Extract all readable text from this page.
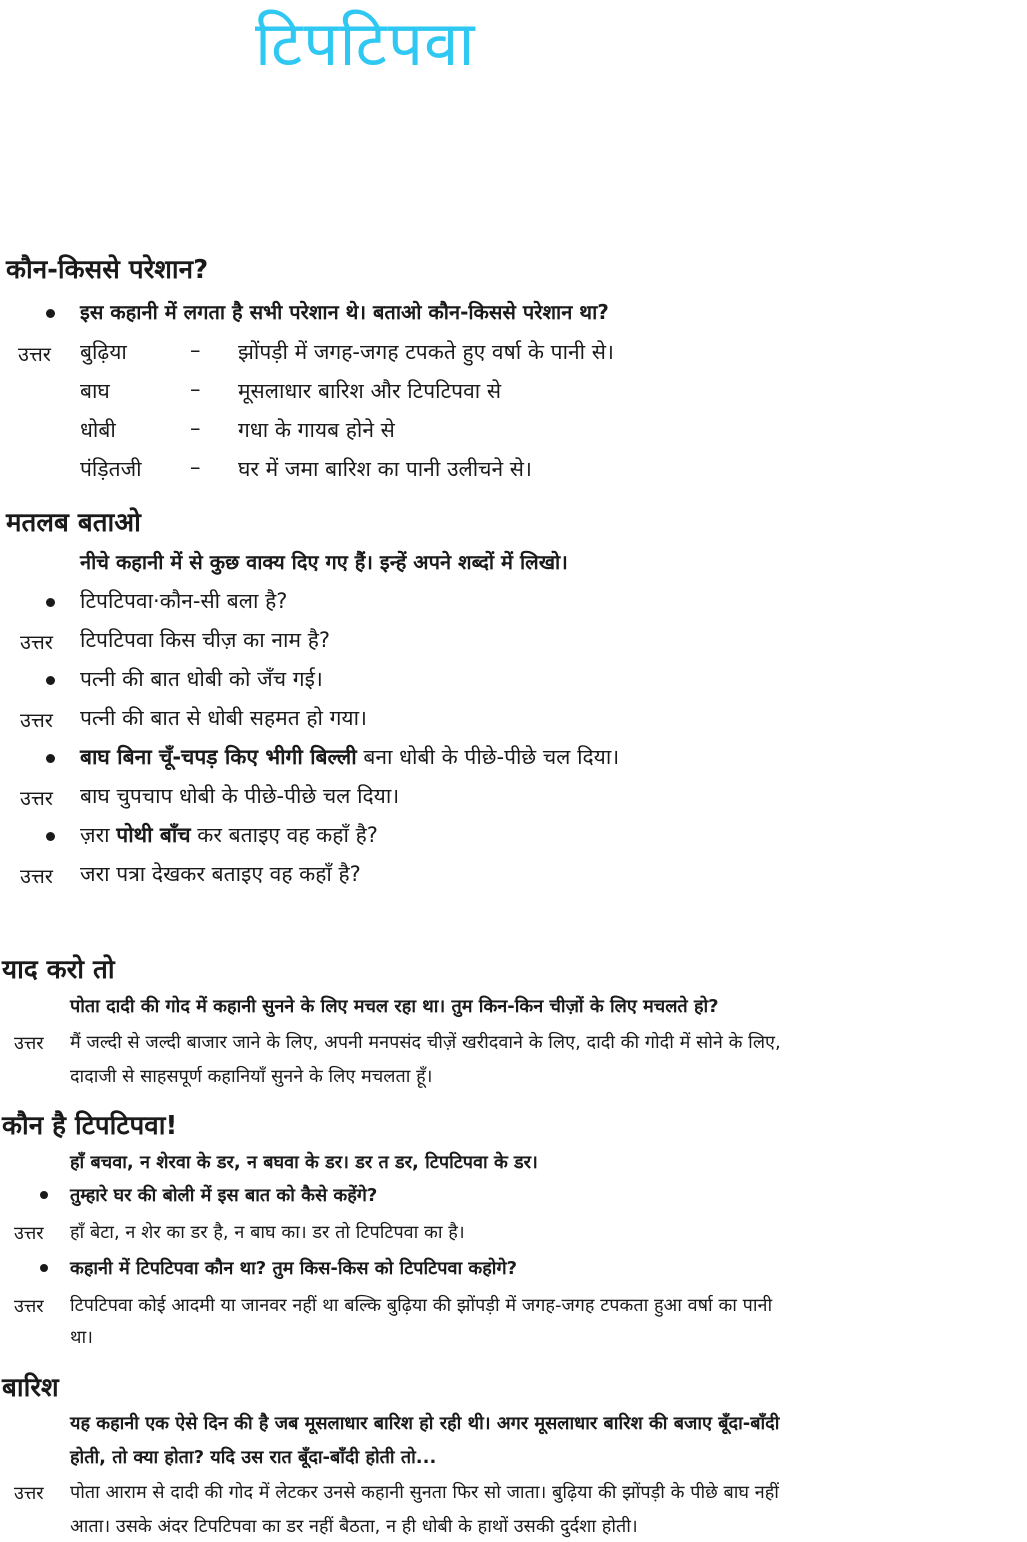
टिपटिपवा
कौन-किससे परेशान?
इस कहानी में लगता है सभी परेशान थे। बताओ कौन-किससे परेशान था?
उत्तर बुढ़िया	– झोंपड़ी में जगह-जगह टपकते हुए वर्षा के पानी से।
बाघ	– मूसलाधार बारिश और टिपटिपवा से
धोबी	– गधा के गायब होने से
पंड़ितजी – घर में जमा बारिश का पानी उलीचने से।
मतलब बताओ
नीचे कहानी में से कुछ वाक्य दिए गए हैं। इन्हें अपने शब्दों में लिखो।
टिपटिपवा·कौन-सी बला है?
उत्तर टिपटिपवा किस चीज़ का नाम है?
पत्नी की बात धोबी को जँच गई।
उत्तर पत्नी की बात से धोबी सहमत हो गया।
बाघ बिना चूँ-चपड़ किए भीगी बिल्ली बना धोबी के पीछे-पीछे चल दिया।
उत्तर बाघ चुपचाप धोबी के पीछे-पीछे चल दिया।
ज़रा पोथी बाँच कर बताइए वह कहाँ है?
उत्तर जरा पत्रा देखकर बताइए वह कहाँ है?
याद करो तो
पोता दादी की गोद में कहानी सुनने के लिए मचल रहा था। तुम किन-किन चीज़ों के लिए मचलते हो?
उत्तर मैं जल्दी से जल्दी बाजार जाने के लिए, अपनी मनपसंद चीज़ें खरीदवाने के लिए, दादी की गोदी में सोने के लिए,
दादाजी से साहसपूर्ण कहानियाँ सुनने के लिए मचलता हूँ।
कौन है टिपटिपवा!
हाँ बचवा, न शेरवा के डर, न बघवा के डर। डर त डर, टिपटिपवा के डर।
तुम्हारे घर की बोली में इस बात को कैसे कहेंगे?
उत्तर हाँ बेटा, न शेर का डर है, न बाघ का। डर तो टिपटिपवा का है।
कहानी में टिपटिपवा कौन था? तुम किस-किस को टिपटिपवा कहोगे?
उत्तर टिपटिपवा कोई आदमी या जानवर नहीं था बल्कि बुढ़िया की झोंपड़ी में जगह-जगह टपकता हुआ वर्षा का पानी
था।
बारिश
यह कहानी एक ऐसे दिन की है जब मूसलाधार बारिश हो रही थी। अगर मूसलाधार बारिश की बजाए बूँदा-बाँदी
होती, तो क्या होता? यदि उस रात बूँदा-बाँदी होती तो...
उत्तर पोता आराम से दादी की गोद में लेटकर उनसे कहानी सुनता फिर सो जाता। बुढ़िया की झोंपड़ी के पीछे बाघ नहीं
आता। उसके अंदर टिपटिपवा का डर नहीं बैठता, न ही धोबी के हाथों उसकी दुर्दशा होती।
